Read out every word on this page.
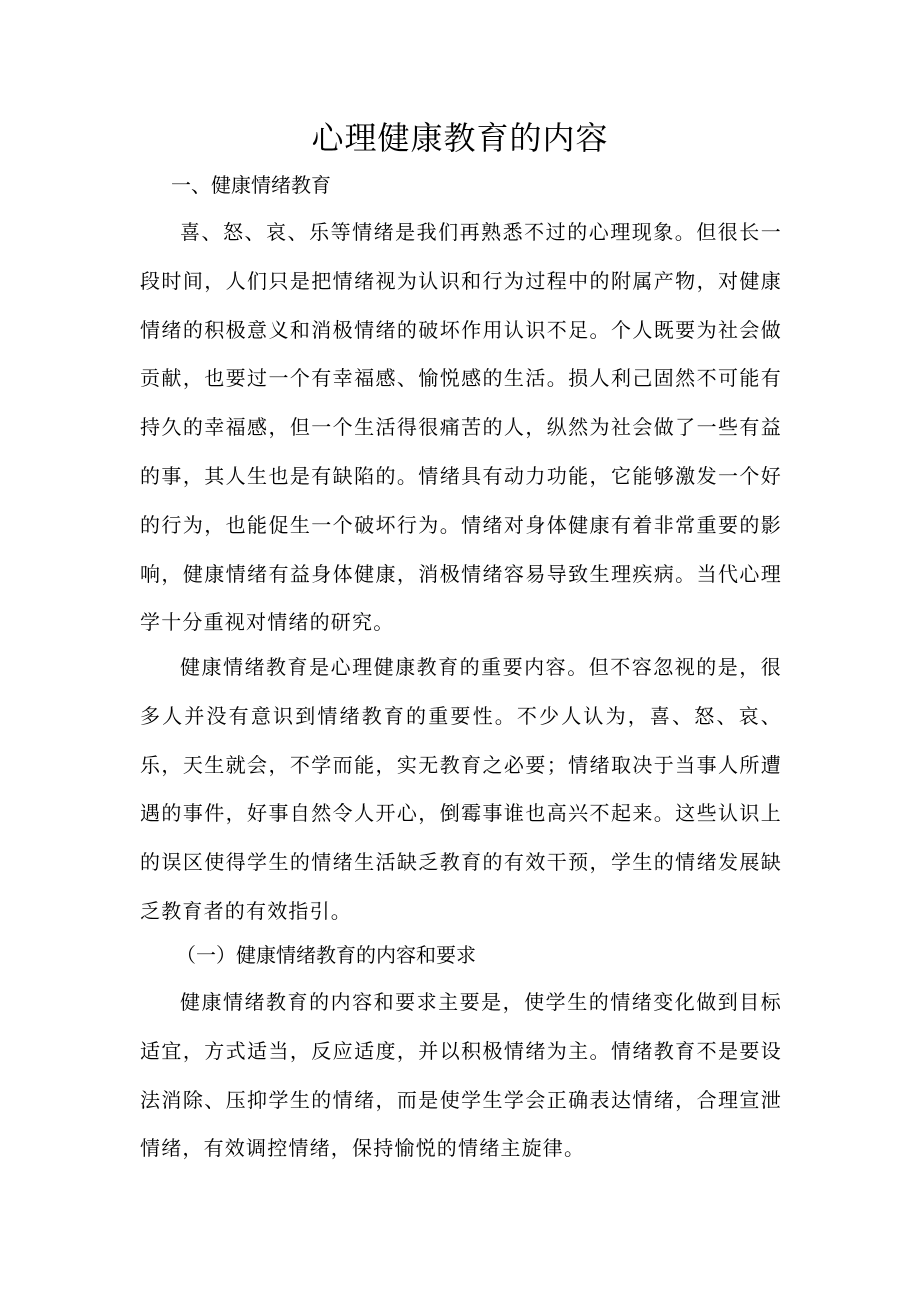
心理健康教育的内容
一、健康情绪教育

喜、怒、哀、乐等情绪是我们再熟悉不过的心理现象。但很长一段时间，人们只是把情绪视为认识和行为过程中的附属产物，对健康情绪的积极意义和消极情绪的破坏作用认识不足。个人既要为社会做贡献，也要过一个有幸福感、愉悦感的生活。损人利己固然不可能有持久的幸福感，但一个生活得很痛苦的人，纵然为社会做了一些有益的事，其人生也是有缺陷的。情绪具有动力功能，它能够激发一个好的行为，也能促生一个破坏行为。情绪对身体健康有着非常重要的影响，健康情绪有益身体健康，消极情绪容易导致生理疾病。当代心理学十分重视对情绪的研究。

健康情绪教育是心理健康教育的重要内容。但不容忽视的是，很多人并没有意识到情绪教育的重要性。不少人认为，喜、怒、哀、乐，天生就会，不学而能，实无教育之必要；情绪取决于当事人所遭遇的事件，好事自然令人开心，倒霉事谁也高兴不起来。这些认识上的误区使得学生的情绪生活缺乏教育的有效干预，学生的情绪发展缺乏教育者的有效指引。

（一）健康情绪教育的内容和要求

健康情绪教育的内容和要求主要是，使学生的情绪变化做到目标适宜，方式适当，反应适度，并以积极情绪为主。情绪教育不是要设法消除、压抑学生的情绪，而是使学生学会正确表达情绪，合理宣泄情绪，有效调控情绪，保持愉悦的情绪主旋律。
